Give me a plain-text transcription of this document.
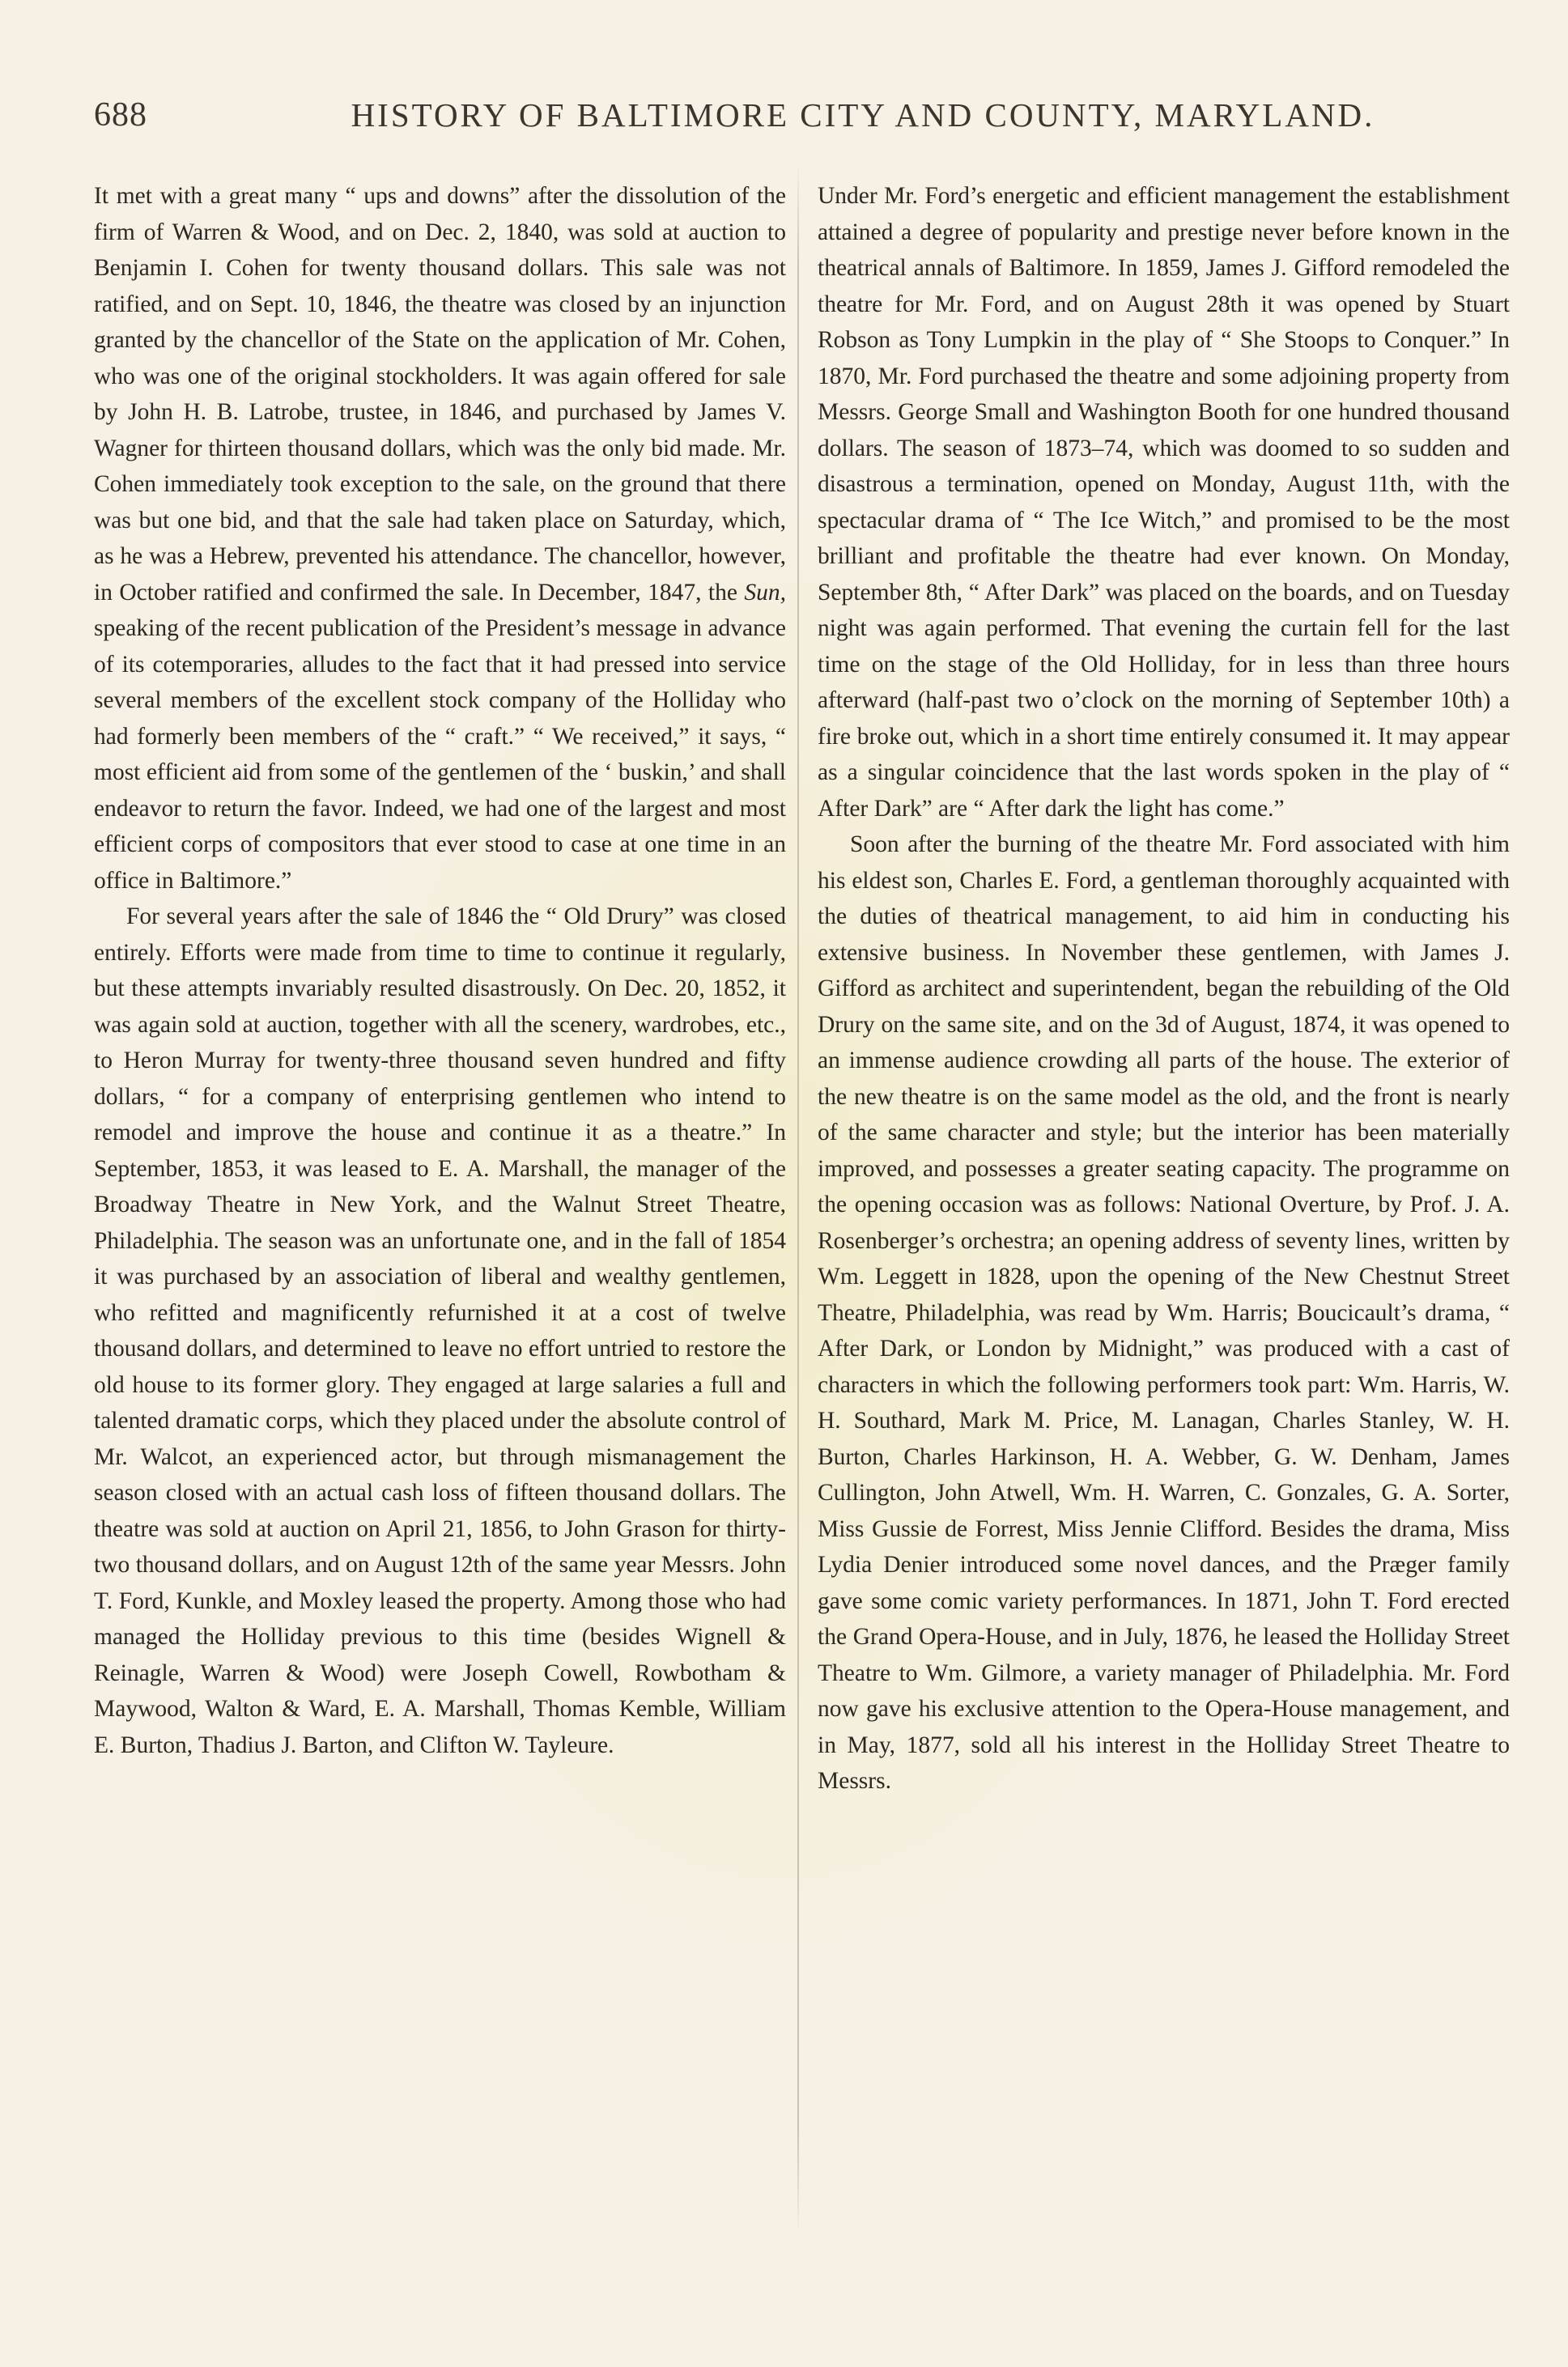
688	HISTORY OF BALTIMORE CITY AND COUNTY, MARYLAND.

It met with a great many “ ups and downs” after the dissolution of the firm of Warren & Wood, and on Dec. 2, 1840, was sold at auction to Benjamin I. Cohen for twenty thousand dollars. This sale was not ratified, and on Sept. 10, 1846, the theatre was closed by an injunction granted by the chancellor of the State on the application of Mr. Cohen, who was one of the original stockholders. It was again offered for sale by John H. B. Latrobe, trustee, in 1846, and purchased by James V. Wagner for thirteen thousand dollars, which was the only bid made. Mr. Cohen immediately took exception to the sale, on the ground that there was but one bid, and that the sale had taken place on Saturday, which, as he was a Hebrew, prevented his attendance. The chancellor, however, in October ratified and confirmed the sale. In December, 1847, the Sun, speaking of the recent publication of the President’s message in advance of its cotemporaries, alludes to the fact that it had pressed into service several members of the excellent stock company of the Holliday who had formerly been members of the “ craft.” “ We received,” it says, “ most efficient aid from some of the gentlemen of the ‘ buskin,’ and shall endeavor to return the favor. Indeed, we had one of the largest and most efficient corps of compositors that ever stood to case at one time in an office in Baltimore.”

For several years after the sale of 1846 the “ Old Drury” was closed entirely. Efforts were made from time to time to continue it regularly, but these attempts invariably resulted disastrously. On Dec. 20, 1852, it was again sold at auction, together with all the scenery, wardrobes, etc., to Heron Murray for twenty-three thousand seven hundred and fifty dollars, “ for a company of enterprising gentlemen who intend to remodel and improve the house and continue it as a theatre.” In September, 1853, it was leased to E. A. Marshall, the manager of the Broadway Theatre in New York, and the Walnut Street Theatre, Philadelphia. The season was an unfortunate one, and in the fall of 1854 it was purchased by an association of liberal and wealthy gentlemen, who refitted and magnificently refurnished it at a cost of twelve thousand dollars, and determined to leave no effort untried to restore the old house to its former glory. They engaged at large salaries a full and talented dramatic corps, which they placed under the absolute control of Mr. Walcot, an experienced actor, but through mismanagement the season closed with an actual cash loss of fifteen thousand dollars. The theatre was sold at auction on April 21, 1856, to John Grason for thirty-two thousand dollars, and on August 12th of the same year Messrs. John T. Ford, Kunkle, and Moxley leased the property. Among those who had managed the Holliday previous to this time (besides Wignell & Reinagle, Warren & Wood) were Joseph Cowell, Rowbotham & Maywood, Walton & Ward, E. A. Marshall, Thomas Kemble, William E. Burton, Thadius J. Barton, and Clifton W. Tayleure.

Under Mr. Ford’s energetic and efficient management the establishment attained a degree of popularity and prestige never before known in the theatrical annals of Baltimore. In 1859, James J. Gifford remodeled the theatre for Mr. Ford, and on August 28th it was opened by Stuart Robson as Tony Lumpkin in the play of “ She Stoops to Conquer.” In 1870, Mr. Ford purchased the theatre and some adjoining property from Messrs. George Small and Washington Booth for one hundred thousand dollars. The season of 1873–74, which was doomed to so sudden and disastrous a termination, opened on Monday, August 11th, with the spectacular drama of “ The Ice Witch,” and promised to be the most brilliant and profitable the theatre had ever known. On Monday, September 8th, “ After Dark” was placed on the boards, and on Tuesday night was again performed. That evening the curtain fell for the last time on the stage of the Old Holliday, for in less than three hours afterward (half-past two o’clock on the morning of September 10th) a fire broke out, which in a short time entirely consumed it. It may appear as a singular coincidence that the last words spoken in the play of “ After Dark” are “ After dark the light has come.”

Soon after the burning of the theatre Mr. Ford associated with him his eldest son, Charles E. Ford, a gentleman thoroughly acquainted with the duties of theatrical management, to aid him in conducting his extensive business. In November these gentlemen, with James J. Gifford as architect and superintendent, began the rebuilding of the Old Drury on the same site, and on the 3d of August, 1874, it was opened to an immense audience crowding all parts of the house. The exterior of the new theatre is on the same model as the old, and the front is nearly of the same character and style; but the interior has been materially improved, and possesses a greater seating capacity. The programme on the opening occasion was as follows: National Overture, by Prof. J. A. Rosenberger’s orchestra; an opening address of seventy lines, written by Wm. Leggett in 1828, upon the opening of the New Chestnut Street Theatre, Philadelphia, was read by Wm. Harris; Boucicault’s drama, “ After Dark, or London by Midnight,” was produced with a cast of characters in which the following performers took part: Wm. Harris, W. H. Southard, Mark M. Price, M. Lanagan, Charles Stanley, W. H. Burton, Charles Harkinson, H. A. Webber, G. W. Denham, James Cullington, John Atwell, Wm. H. Warren, C. Gonzales, G. A. Sorter, Miss Gussie de Forrest, Miss Jennie Clifford. Besides the drama, Miss Lydia Denier introduced some novel dances, and the Præger family gave some comic variety performances. In 1871, John T. Ford erected the Grand Opera-House, and in July, 1876, he leased the Holliday Street Theatre to Wm. Gilmore, a variety manager of Philadelphia. Mr. Ford now gave his exclusive attention to the Opera-House management, and in May, 1877, sold all his interest in the Holliday Street Theatre to Messrs.
